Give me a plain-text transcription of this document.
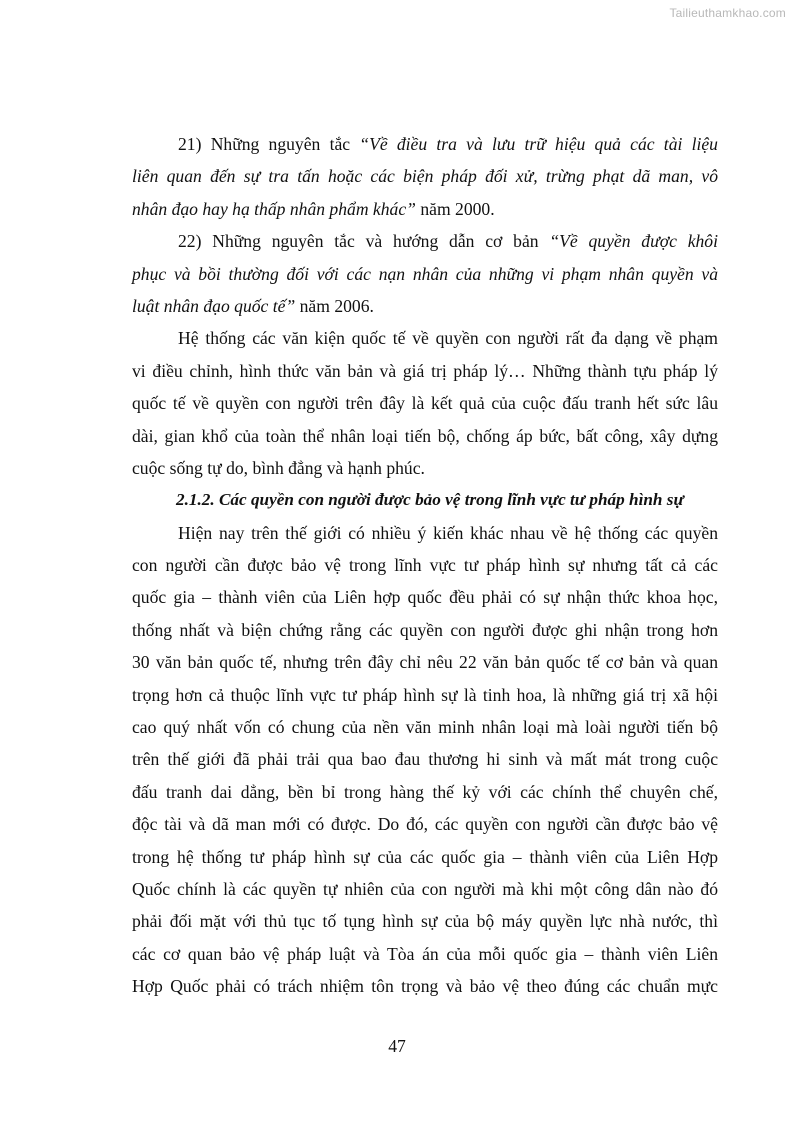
Tailieuthamkhao.com
21) Những nguyên tắc “Về điều tra và lưu trữ hiệu quả các tài liệu
liên quan đến sự tra tấn hoặc các biện pháp đối xử, trừng phạt dã man, vô
nhân đạo hay hạ thấp nhân phẩm khác” năm 2000.
22) Những nguyên tắc và hướng dẫn cơ bản “Về quyền được khôi
phục và bồi thường đối với các nạn nhân của những vi phạm nhân quyền và
luật nhân đạo quốc tế” năm 2006.
Hệ thống các văn kiện quốc tế về quyền con người rất đa dạng về phạm
vi điều chỉnh, hình thức văn bản và giá trị pháp lý… Những thành tựu pháp lý
quốc tế về quyền con người trên đây là kết quả của cuộc đấu tranh hết sức lâu
dài, gian khổ của toàn thể nhân loại tiến bộ, chống áp bức, bất công, xây dựng
cuộc sống tự do, bình đẳng và hạnh phúc.
2.1.2. Các quyền con người được bảo vệ trong lĩnh vực tư pháp hình sự
Hiện nay trên thế giới có nhiều ý kiến khác nhau về hệ thống các quyền
con người cần được bảo vệ trong lĩnh vực tư pháp hình sự nhưng tất cả các
quốc gia – thành viên của Liên hợp quốc đều phải có sự nhận thức khoa học,
thống nhất và biện chứng rằng các quyền con người được ghi nhận trong hơn
30 văn bản quốc tế, nhưng trên đây chỉ nêu 22 văn bản quốc tế cơ bản và quan
trọng hơn cả thuộc lĩnh vực tư pháp hình sự là tinh hoa, là những giá trị xã hội
cao quý nhất vốn có chung của nền văn minh nhân loại mà loài người tiến bộ
trên thế giới đã phải trải qua bao đau thương hi sinh và mất mát trong cuộc
đấu tranh dai dẳng, bền bỉ trong hàng thế kỷ với các chính thể chuyên chế,
độc tài và dã man mới có được. Do đó, các quyền con người cần được bảo vệ
trong hệ thống tư pháp hình sự của các quốc gia – thành viên của Liên Hợp
Quốc chính là các quyền tự nhiên của con người mà khi một công dân nào đó
phải đối mặt với thủ tục tố tụng hình sự của bộ máy quyền lực nhà nước, thì
các cơ quan bảo vệ pháp luật và Tòa án của mỗi quốc gia – thành viên Liên
Hợp Quốc phải có trách nhiệm tôn trọng và bảo vệ theo đúng các chuẩn mực
47
